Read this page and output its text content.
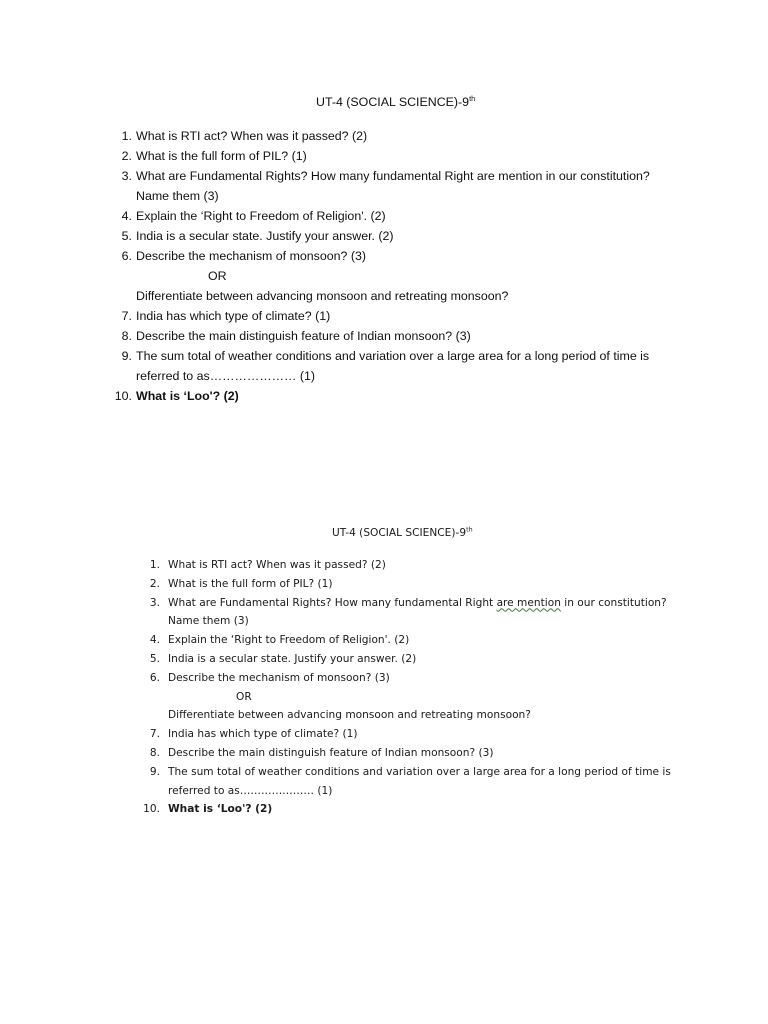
UT-4 (SOCIAL SCIENCE)-9th
1. What is RTI act? When was it passed? (2)
2. What is the full form of PIL? (1)
3. What are Fundamental Rights? How many fundamental Right are mention in our constitution?
Name them (3)
4. Explain the ‘Right to Freedom of Religion'. (2)
5. India is a secular state. Justify your answer. (2)
6. Describe the mechanism of monsoon? (3)
OR
Differentiate between advancing monsoon and retreating monsoon?
7. India has which type of climate? (1)
8. Describe the main distinguish feature of Indian monsoon? (3)
9. The sum total of weather conditions and variation over a large area for a long period of time is
referred to as………………… (1)
10. What is ‘Loo'? (2)
UT-4 (SOCIAL SCIENCE)-9th
1. What is RTI act? When was it passed? (2)
2. What is the full form of PIL? (1)
3. What are Fundamental Rights? How many fundamental Right are mention in our constitution?
Name them (3)
4. Explain the ‘Right to Freedom of Religion'. (2)
5. India is a secular state. Justify your answer. (2)
6. Describe the mechanism of monsoon? (3)
OR
Differentiate between advancing monsoon and retreating monsoon?
7. India has which type of climate? (1)
8. Describe the main distinguish feature of Indian monsoon? (3)
9. The sum total of weather conditions and variation over a large area for a long period of time is
referred to as………………… (1)
10. What is ‘Loo'? (2)
